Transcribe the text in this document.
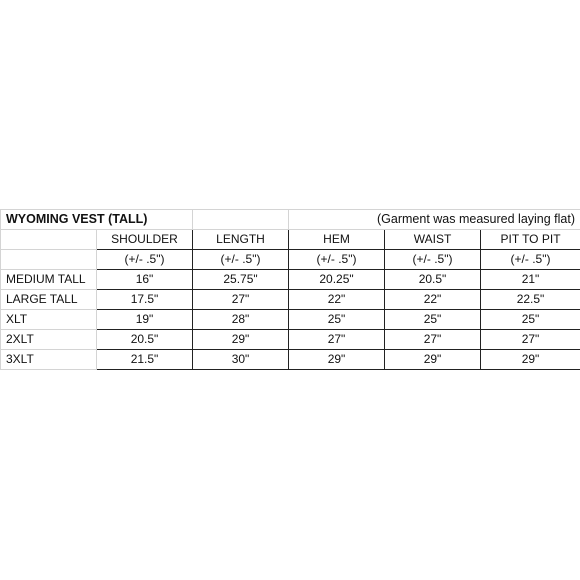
WYOMING VEST (TALL)			(Garment was measured laying flat)		
	SHOULDER	LENGTH	HEM	WAIST	PIT TO PIT
	(+/- .5")	(+/- .5")	(+/- .5")	(+/- .5")	(+/- .5")
MEDIUM TALL	16"	25.75"	20.25"	20.5"	21"
LARGE TALL	17.5"	27"	22"	22"	22.5"
XLT	19"	28"	25"	25"	25"
2XLT	20.5"	29"	27"	27"	27"
3XLT	21.5"	30"	29"	29"	29"
